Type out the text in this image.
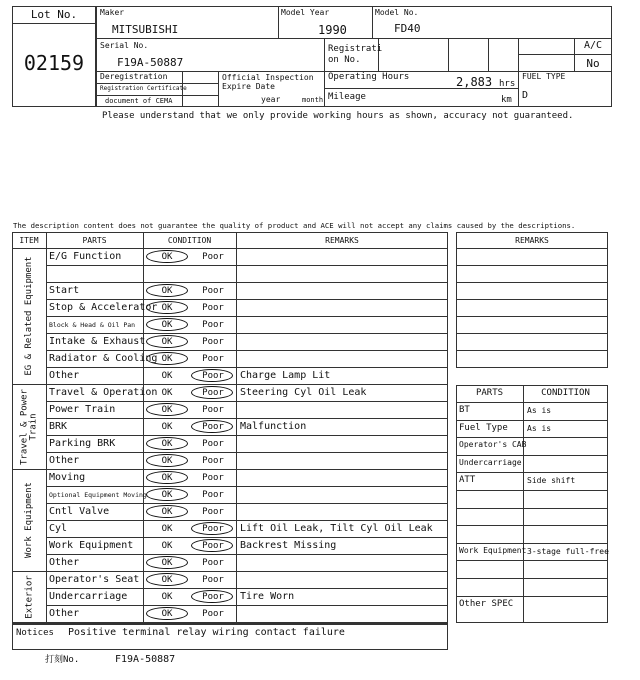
Lot No.
02159
Maker
MITSUBISHI
Model Year
1990
Model No.
FD40
Serial No.
F19A-50887
Registrati on No.
A/C
No
Deregistration
Registration Certificate
document of CEMA
Official Inspection Expire Date
year	month
Operating Hours	2,883 hrs
Mileage	km
FUEL TYPE
D
Please understand that we only provide working hours as shown, accuracy not guaranteed.
The description content does not guarantee the quality of product and ACE will not accept any claims caused by the descriptions.
ITEM	PARTS	CONDITION	REMARKS
E/G Function	OK	Poor
Start	OK	Poor
Stop & Accelerator OK	Poor
Block & Head & Oil Pan	OK	Poor
Intake & Exhaust	OK	Poor
Radiator & Cooling OK	Poor
Other	OK	Poor	Charge Lamp Lit
Travel & Operation OK	Poor	Steering Cyl Oil Leak
Power Train	OK	Poor
BRK	OK	Poor	Malfunction
Parking BRK	OK	Poor
Other	OK	Poor
Moving	OK	Poor
Optional Equipment Moving	OK	Poor
Cntl Valve	OK	Poor
Cyl	OK	Poor	Lift Oil Leak, Tilt Cyl Oil Leak
Work Equipment	OK	Poor	Backrest Missing
Other	OK	Poor
Operator's Seat	OK	Poor
Undercarriage	OK	Poor	Tire Worn
Other	OK	Poor
EG & Related Equipment
Travel & Power Train
Work Equipment
Exterior
Notices Positive terminal relay wiring contact failure
REMARKS
PARTS	CONDITION
BT	As is
Fuel Type As is
Operator's CAB
Undercarriage
ATT	Side shift
Work Equipment 3-stage full-free
Other SPEC
打刻No.	F19A-50887
